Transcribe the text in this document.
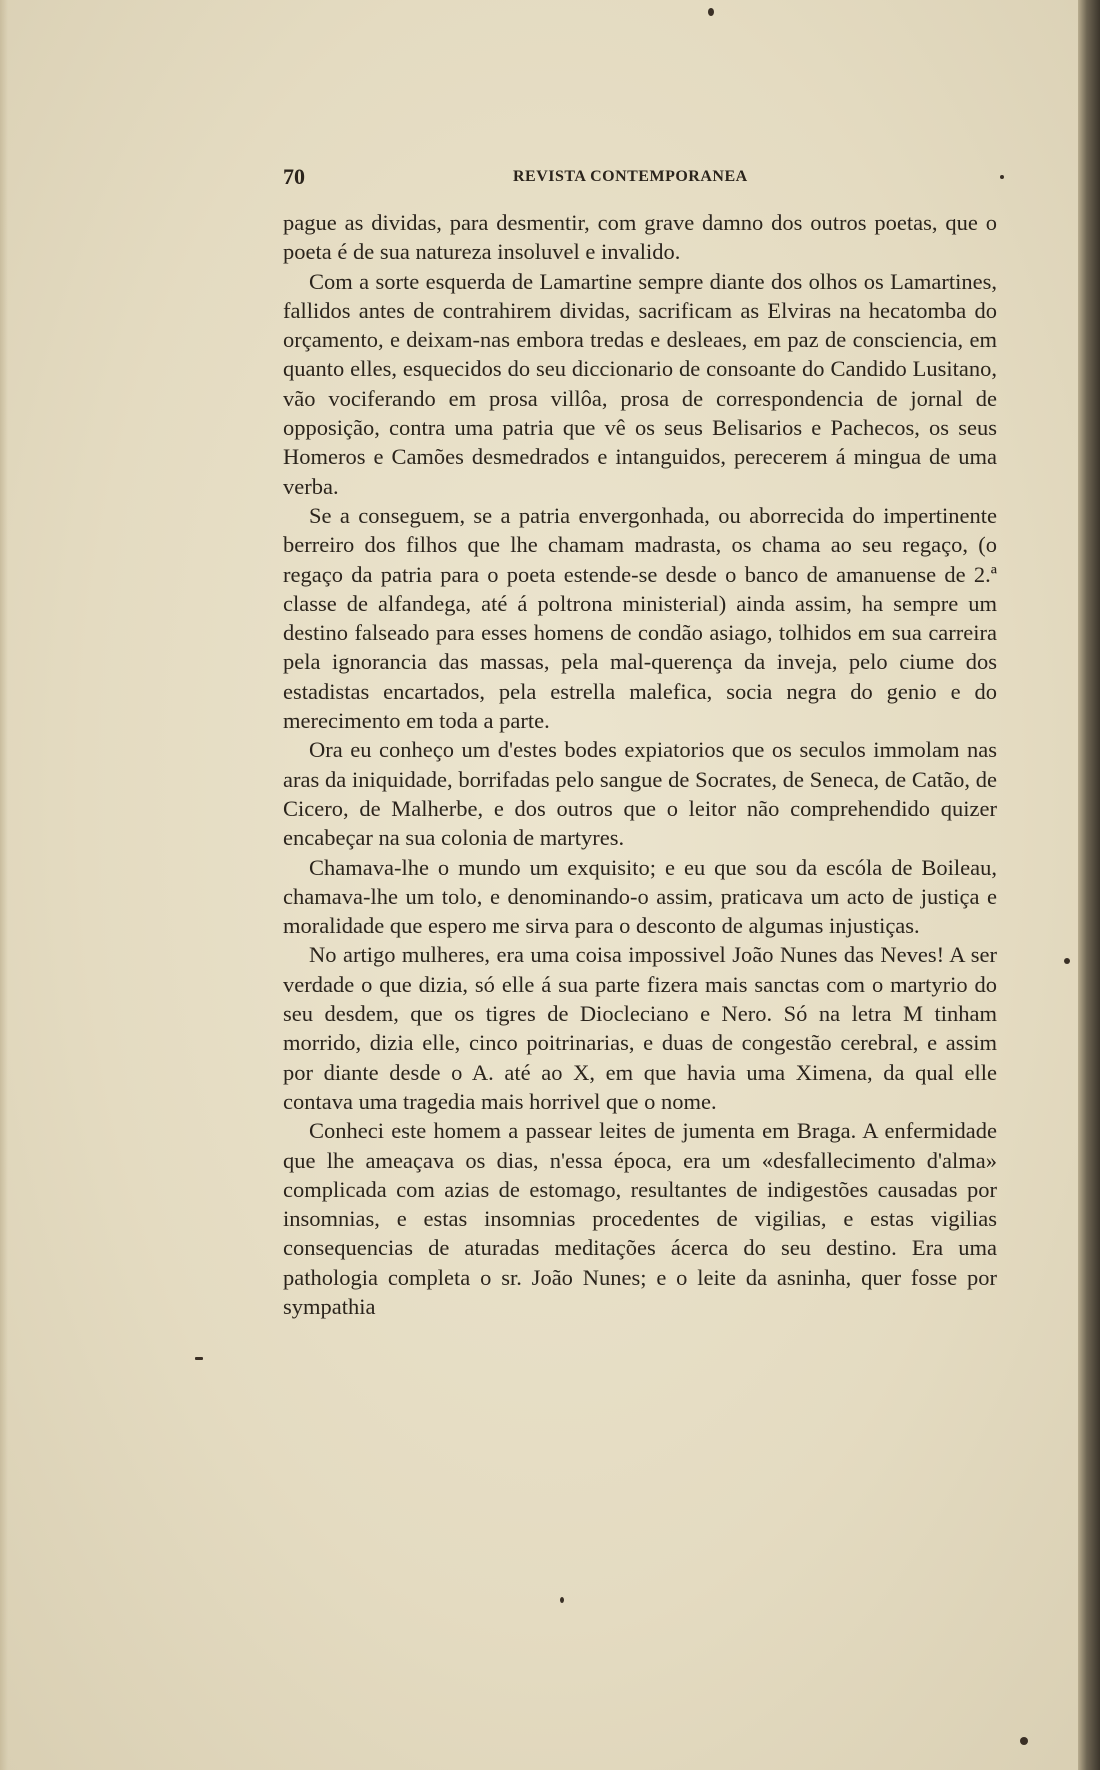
70	REVISTA CONTEMPORANEA

pague as dividas, para desmentir, com grave damno dos outros poetas, que o poeta é de sua natureza insoluvel e invalido.

Com a sorte esquerda de Lamartine sempre diante dos olhos os Lamartines, fallidos antes de contrahirem dividas, sacrificam as Elviras na hecatomba do orçamento, e deixam-nas embora tredas e desleaes, em paz de consciencia, em quanto elles, esquecidos do seu diccionario de consoante do Candido Lusitano, vão vociferando em prosa villôa, prosa de correspondencia de jornal de opposição, contra uma patria que vê os seus Belisarios e Pachecos, os seus Homeros e Camões desmedrados e intanguidos, perecerem á mingua de uma verba.

Se a conseguem, se a patria envergonhada, ou aborrecida do impertinente berreiro dos filhos que lhe chamam madrasta, os chama ao seu regaço, (o regaço da patria para o poeta estende-se desde o banco de amanuense de 2.ª classe de alfandega, até á poltrona ministerial) ainda assim, ha sempre um destino falseado para esses homens de condão asiago, tolhidos em sua carreira pela ignorancia das massas, pela mal-querença da inveja, pelo ciume dos estadistas encartados, pela estrella malefica, socia negra do genio e do merecimento em toda a parte.

Ora eu conheço um d'estes bodes expiatorios que os seculos immolam nas aras da iniquidade, borrifadas pelo sangue de Socrates, de Seneca, de Catão, de Cicero, de Malherbe, e dos outros que o leitor não comprehendido quizer encabeçar na sua colonia de martyres.

Chamava-lhe o mundo um exquisito; e eu que sou da escóla de Boileau, chamava-lhe um tolo, e denominando-o assim, praticava um acto de justiça e moralidade que espero me sirva para o desconto de algumas injustiças.

No artigo mulheres, era uma coisa impossivel João Nunes das Neves! A ser verdade o que dizia, só elle á sua parte fizera mais sanctas com o martyrio do seu desdem, que os tigres de Diocleciano e Nero. Só na letra M tinham morrido, dizia elle, cinco poitrinarias, e duas de congestão cerebral, e assim por diante desde o A. até ao X, em que havia uma Ximena, da qual elle contava uma tragedia mais horrivel que o nome.

Conheci este homem a passear leites de jumenta em Braga. A enfermidade que lhe ameaçava os dias, n'essa época, era um «desfallecimento d'alma» complicada com azias de estomago, resultantes de indigestões causadas por insomnias, e estas insomnias procedentes de vigilias, e estas vigilias consequencias de aturadas meditações ácerca do seu destino. Era uma pathologia completa o sr. João Nunes; e o leite da asninha, quer fosse por sympathia
